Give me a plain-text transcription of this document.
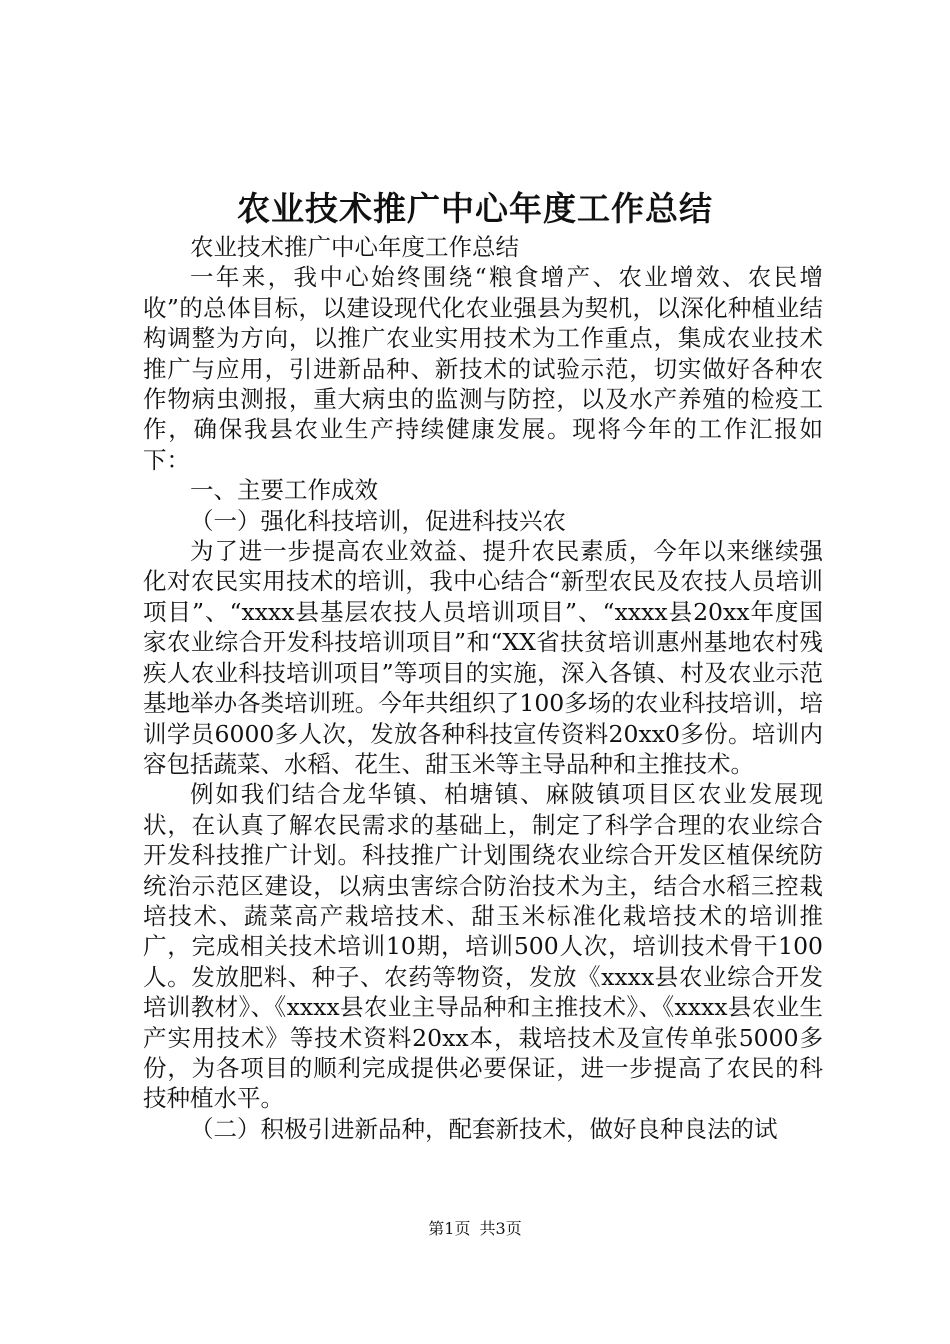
农业技术推广中心年度工作总结

农业技术推广中心年度工作总结

一年来，我中心始终围绕“粮食增产、农业增效、农民增收”的总体目标，以建设现代化农业强县为契机，以深化种植业结构调整为方向，以推广农业实用技术为工作重点，集成农业技术推广与应用，引进新品种、新技术的试验示范，切实做好各种农作物病虫测报，重大病虫的监测与防控，以及水产养殖的检疫工作，确保我县农业生产持续健康发展。现将今年的工作汇报如下：

一、主要工作成效

（一）强化科技培训，促进科技兴农

为了进一步提高农业效益、提升农民素质，今年以来继续强化对农民实用技术的培训，我中心结合“新型农民及农技人员培训项目”、“xxxx县基层农技人员培训项目”、“xxxx县20xx年度国家农业综合开发科技培训项目”和“XX省扶贫培训惠州基地农村残疾人农业科技培训项目”等项目的实施，深入各镇、村及农业示范基地举办各类培训班。今年共组织了100多场的农业科技培训，培训学员6000多人次，发放各种科技宣传资料20xx0多份。培训内容包括蔬菜、水稻、花生、甜玉米等主导品种和主推技术。

例如我们结合龙华镇、柏塘镇、麻陂镇项目区农业发展现状，在认真了解农民需求的基础上，制定了科学合理的农业综合开发科技推广计划。科技推广计划围绕农业综合开发区植保统防统治示范区建设，以病虫害综合防治技术为主，结合水稻三控栽培技术、蔬菜高产栽培技术、甜玉米标准化栽培技术的培训推广，完成相关技术培训10期，培训500人次，培训技术骨干100人。发放肥料、种子、农药等物资，发放《xxxx县农业综合开发培训教材》、《xxxx县农业主导品种和主推技术》、《xxxx县农业生产实用技术》等技术资料20xx本，栽培技术及宣传单张5000多份，为各项目的顺利完成提供必要保证，进一步提高了农民的科技种植水平。

（二）积极引进新品种，配套新技术，做好良种良法的试

第1页 共3页
